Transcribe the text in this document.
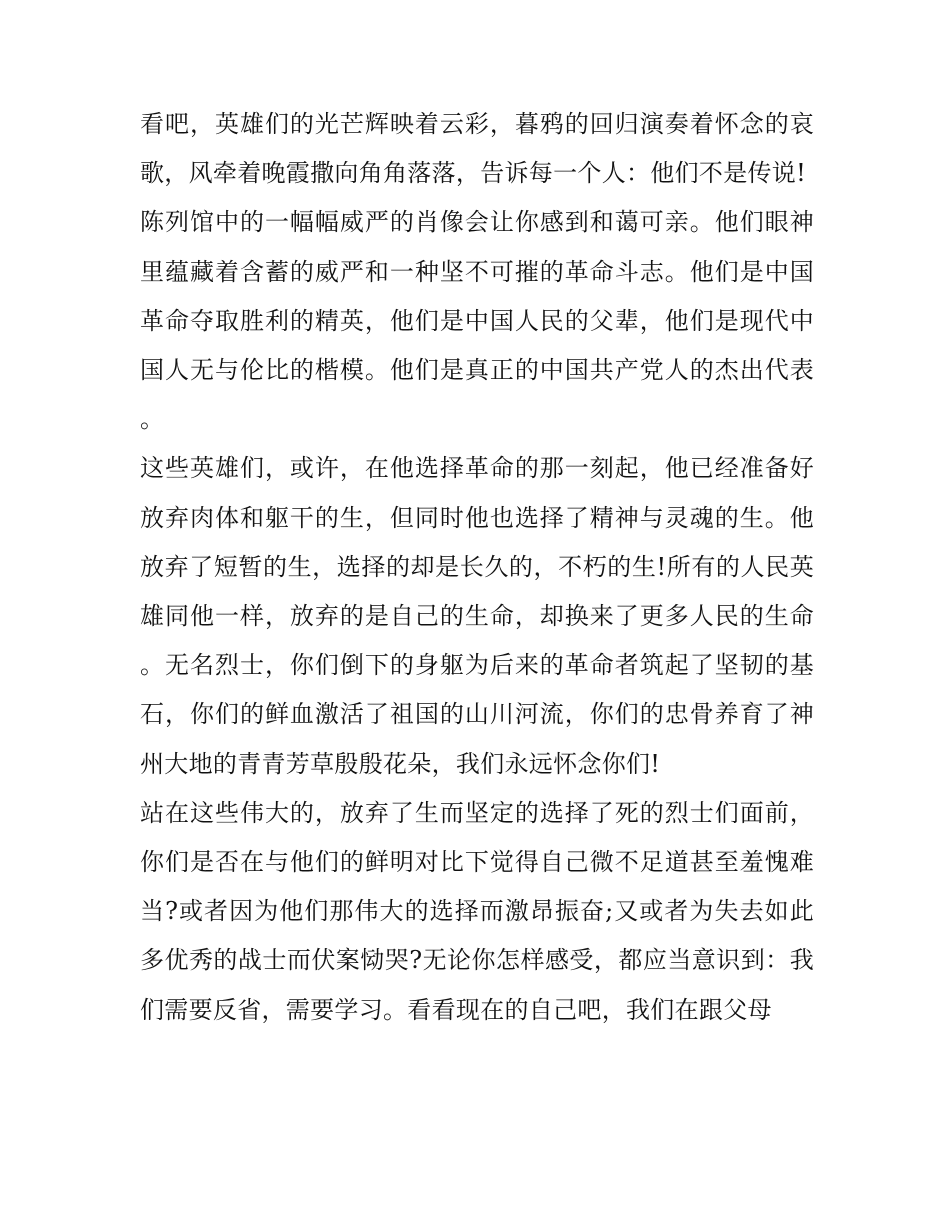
看吧，英雄们的光芒辉映着云彩，暮鸦的回归演奏着怀念的哀歌，风牵着晚霞撒向角角落落，告诉每一个人：他们不是传说!

陈列馆中的一幅幅威严的肖像会让你感到和蔼可亲。他们眼神里蕴藏着含蓄的威严和一种坚不可摧的革命斗志。他们是中国革命夺取胜利的精英，他们是中国人民的父辈，他们是现代中国人无与伦比的楷模。他们是真正的中国共产党人的杰出代表。

这些英雄们，或许，在他选择革命的那一刻起，他已经准备好放弃肉体和躯干的生，但同时他也选择了精神与灵魂的生。他放弃了短暂的生，选择的却是长久的，不朽的生!所有的人民英雄同他一样，放弃的是自己的生命，却换来了更多人民的生命。无名烈士，你们倒下的身躯为后来的革命者筑起了坚韧的基石，你们的鲜血激活了祖国的山川河流，你们的忠骨养育了神州大地的青青芳草殷殷花朵，我们永远怀念你们!

站在这些伟大的，放弃了生而坚定的选择了死的烈士们面前，你们是否在与他们的鲜明对比下觉得自己微不足道甚至羞愧难当?或者因为他们那伟大的选择而激昂振奋;又或者为失去如此多优秀的战士而伏案恸哭?无论你怎样感受，都应当意识到：我们需要反省，需要学习。看看现在的自己吧，我们在跟父母
